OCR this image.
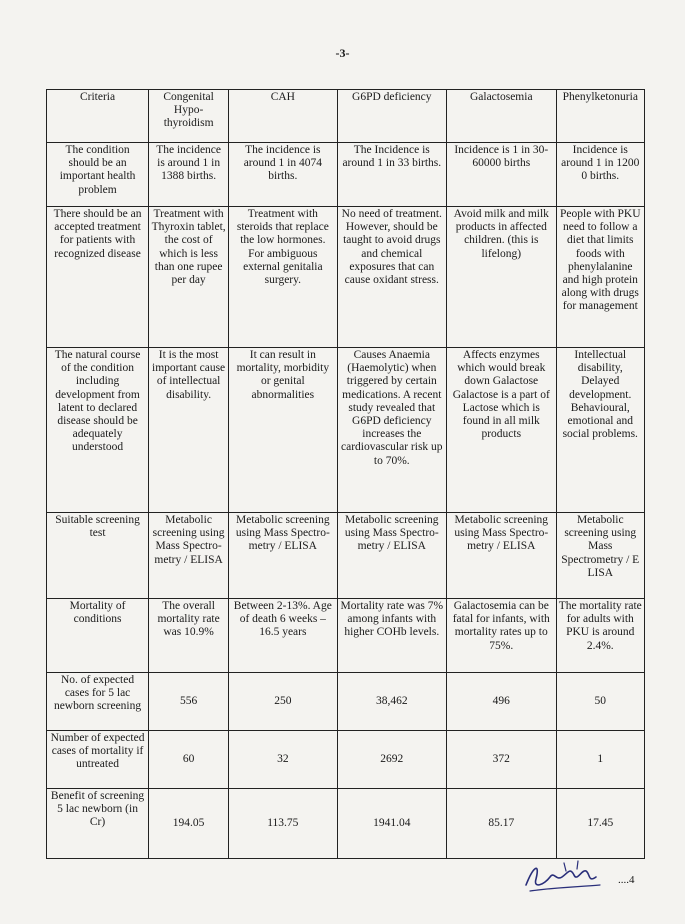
-3-
Criteria	Congenital Hypo-thyroidism	CAH	G6PD deficiency	Galactosemia	Phenylketonuria
The condition should be an important health problem	The incidence is around 1 in 1388 births.	The incidence is around 1 in 4074 births.	The Incidence is around 1 in 33 births.	Incidence is 1 in 30-60000 births	Incidence is around 1 in 1200 0 births.
There should be an accepted treatment for patients with recognized disease	Treatment with Thyroxin tablet, the cost of which is less than one rupee per day	Treatment with steroids that replace the low hormones. For ambiguous external genitalia surgery.	No need of treatment. However, should be taught to avoid drugs and chemical exposures that can cause oxidant stress.	Avoid milk and milk products in affected children. (this is lifelong)	People with PKU need to follow a diet that limits foods with phenylalanine and high protein along with drugs for management
The natural course of the condition including development from latent to declared disease should be adequately understood	It is the most important cause of intellectual disability.	It can result in mortality, morbidity or genital abnormalities	Causes Anaemia (Haemolytic) when triggered by certain medications. A recent study revealed that G6PD deficiency increases the cardiovascular risk up to 70%.	Affects enzymes which would break down Galactose Galactose is a part of Lactose which is found in all milk products	Intellectual disability, Delayed development. Behavioural, emotional and social problems.
Suitable screening test	Metabolic screening using Mass Spectro-metry / ELISA	Metabolic screening using Mass Spectro-metry / ELISA	Metabolic screening using Mass Spectro-metry / ELISA	Metabolic screening using Mass Spectro-metry / ELISA	Metabolic screening using Mass Spectrometry / E LISA
Mortality of conditions	The overall mortality rate was 10.9%	Between 2-13%. Age of death 6 weeks – 16.5 years	Mortality rate was 7% among infants with higher COHb levels.	Galactosemia can be fatal for infants, with mortality rates up to 75%.	The mortality rate for adults with PKU is around 2.4%.
No. of expected cases for 5 lac newborn screening	556	250	38,462	496	50
Number of expected cases of mortality if untreated	60	32	2692	372	1
Benefit of screening 5 lac newborn (in Cr)	194.05	113.75	1941.04	85.17	17.45
....4
